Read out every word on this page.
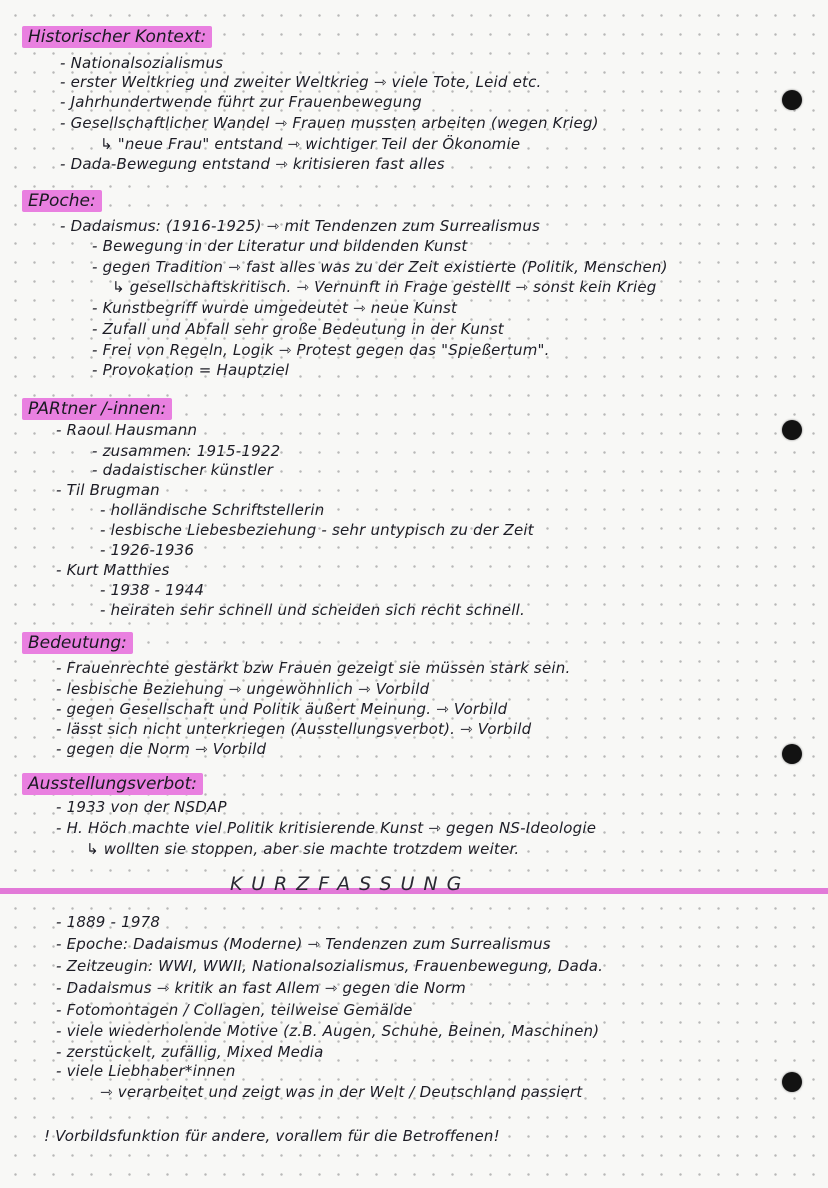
Historischer Kontext:
- Nationalsozialismus
- erster Weltkrieg und zweiter Weltkrieg ⇾ viele Tote, Leid etc.
- Jahrhundertwende führt zur Frauenbewegung
- Gesellschaftlicher Wandel ⇾ Frauen mussten arbeiten (wegen Krieg)
↳ "neue Frau" entstand ⇾ wichtiger Teil der Ökonomie
- Dada-Bewegung entstand ⇾ kritisieren fast alles
EPoche:
- Dadaismus: (1916-1925) ⇾ mit Tendenzen zum Surrealismus
- Bewegung in der Literatur und bildenden Kunst
- gegen Tradition ⇾ fast alles was zu der Zeit existierte (Politik, Menschen)
↳ gesellschaftskritisch. ⇾ Vernunft in Frage gestellt ⇾ sonst kein Krieg
- Kunstbegriff wurde umgedeutet ⇾ neue Kunst
- Zufall und Abfall sehr große Bedeutung in der Kunst
- Frei von Regeln, Logik ⇾ Protest gegen das "Spießertum".
- Provokation = Hauptziel
PARtner /-innen:
- Raoul Hausmann
- zusammen: 1915-1922
- dadaistischer künstler
- Til Brugman
- holländische Schriftstellerin
- lesbische Liebesbeziehung - sehr untypisch zu der Zeit
- 1926-1936
- Kurt Matthies
- 1938 - 1944
- heiraten sehr schnell und scheiden sich recht schnell.
Bedeutung:
- Frauenrechte gestärkt bzw Frauen gezeigt sie müssen stark sein.
- lesbische Beziehung ⇾ ungewöhnlich ⇾ Vorbild
- gegen Gesellschaft und Politik äußert Meinung. ⇾ Vorbild
- lässt sich nicht unterkriegen (Ausstellungsverbot). ⇾ Vorbild
- gegen die Norm ⇾ Vorbild
Ausstellungsverbot:
- 1933 von der NSDAP
- H. Höch machte viel Politik kritisierende Kunst ⇾ gegen NS-Ideologie
↳ wollten sie stoppen, aber sie machte trotzdem weiter.
KURZFASSUNG
- 1889 - 1978
- Epoche: Dadaismus (Moderne) ⇾ Tendenzen zum Surrealismus
- Zeitzeugin: WWI, WWII, Nationalsozialismus, Frauenbewegung, Dada.
- Dadaismus ⇾ kritik an fast Allem ⇾ gegen die Norm
- Fotomontagen / Collagen, teilweise Gemälde
- viele wiederholende Motive (z.B. Augen, Schuhe, Beinen, Maschinen)
- zerstückelt, zufällig, Mixed Media
- viele Liebhaber*innen
⇾ verarbeitet und zeigt was in der Welt / Deutschland passiert
! Vorbildsfunktion für andere, vorallem für die Betroffenen!
